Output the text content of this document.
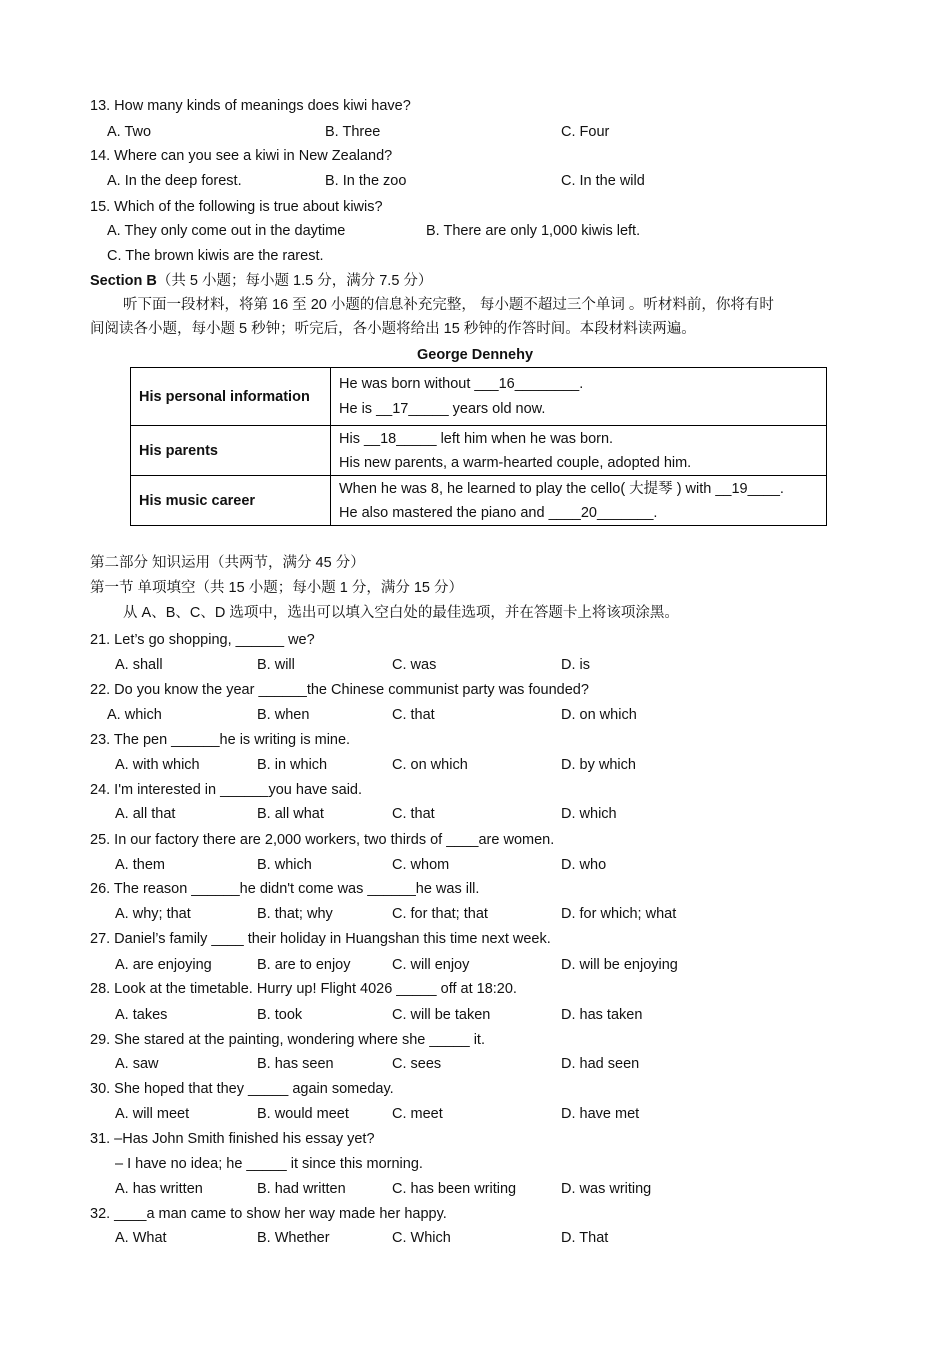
13. How many kinds of meanings does kiwi have?
A. Two	B. Three	C. Four
14. Where can you see a kiwi in New Zealand?
A. In the deep forest.	B. In the zoo	C. In the wild
15. Which of the following is true about kiwis?
A. They only come out in the daytime	B. There are only 1,000 kiwis left.
C. The brown kiwis are the rarest.
Section B（共 5 小题；每小题 1.5 分，满分 7.5 分）
听下面一段材料，将第 16 至 20 小题的信息补充完整， 每小题不超过三个单词 。听材料前，你将有时
间阅读各小题，每小题 5 秒钟；听完后，各小题将给出 15 秒钟的作答时间。本段材料读两遍。
George Dennehy
His personal information	He was born without ___16________.
He is __17_____ years old now.

His parents	His __18_____ left him when he was born.
His new parents, a warm-hearted couple, adopted him.

His music career	When he was 8, he learned to play the cello( 大提琴 ) with __19____.
He also mastered the piano and ____20_______.
第二部分 知识运用（共两节，满分 45 分）
第一节 单项填空（共 15 小题；每小题 1 分，满分 15 分）
从 A、B、C、D 选项中，选出可以填入空白处的最佳选项，并在答题卡上将该项涂黑。
21. Let’s go shopping, ______ we?
A. shall	B. will	C. was	D. is
22. Do you know the year ______the Chinese communist party was founded?
A. which	B. when	C. that	D. on which
23. The pen ______he is writing is mine.
A. with which	B. in which	C. on which	D. by which
24. I'm interested in ______you have said.
A. all that	B. all what	C. that	D. which
25. In our factory there are 2,000 workers, two thirds of ____are women.
A. them	B. which	C. whom	D. who
26. The reason ______he didn't come was ______he was ill.
A. why; that	B. that; why	C. for that; that	D. for which; what
27. Daniel’s family ____ their holiday in Huangshan this time next week.
A. are enjoying	B. are to enjoy	C. will enjoy	D. will be enjoying
28. Look at the timetable. Hurry up! Flight 4026 _____ off at 18:20.
A. takes	B. took	C. will be taken	D. has taken
29. She stared at the painting, wondering where she _____ it.
A. saw	B. has seen	C. sees	D. had seen
30. She hoped that they _____ again someday.
A. will meet	B. would meet	C. meet	D. have met
31. –Has John Smith finished his essay yet?
– I have no idea; he _____ it since this morning.
A. has written	B. had written	C. has been writing	D. was writing
32. ____a man came to show her way made her happy.
A. What	B. Whether	C. Which	D. That
